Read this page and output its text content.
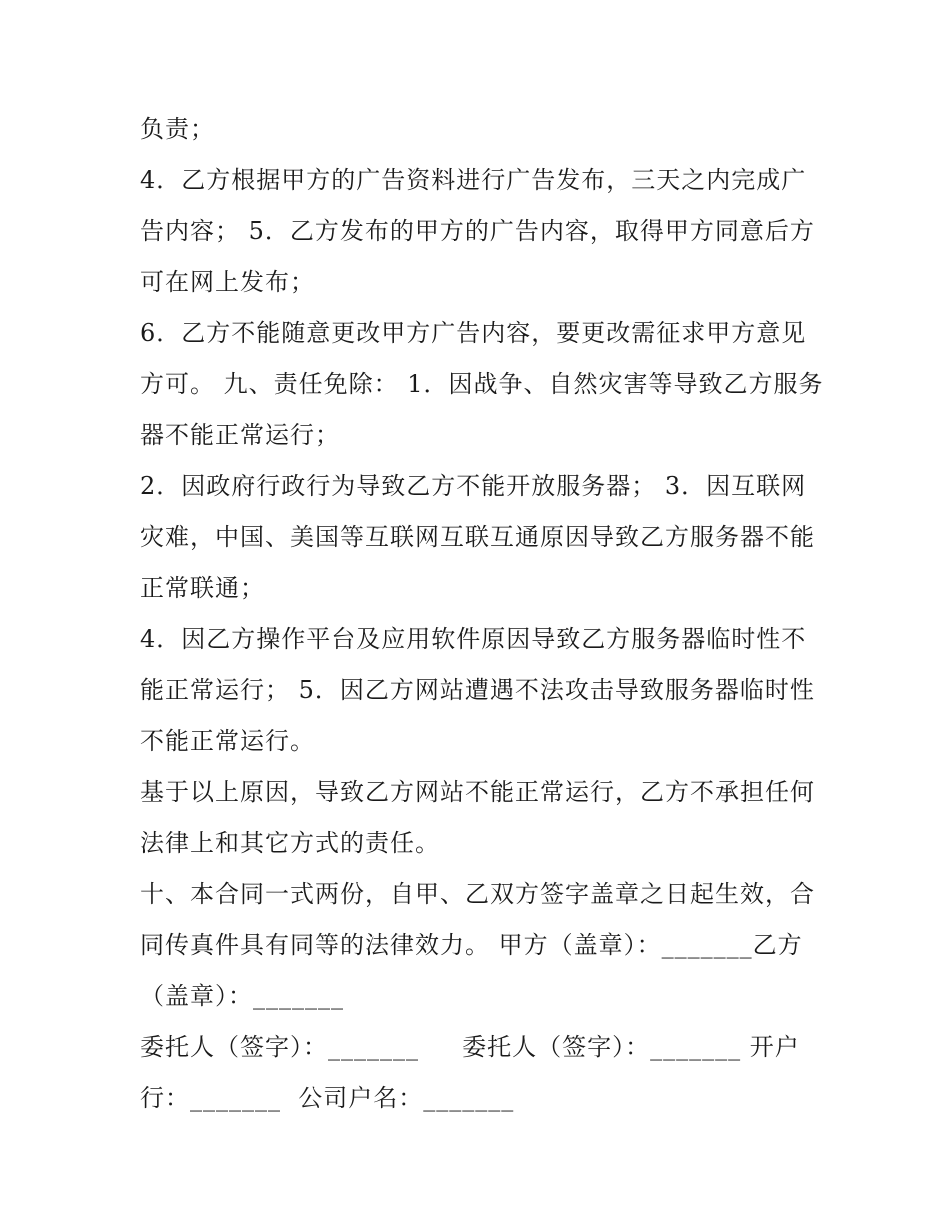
负责；
4．乙方根据甲方的广告资料进行广告发布，三天之内完成广
告内容； 5．乙方发布的甲方的广告内容，取得甲方同意后方
可在网上发布；
6．乙方不能随意更改甲方广告内容，要更改需征求甲方意见
方可。 九、责任免除： 1．因战争、自然灾害等导致乙方服务
器不能正常运行；
2．因政府行政行为导致乙方不能开放服务器； 3．因互联网
灾难，中国、美国等互联网互联互通原因导致乙方服务器不能
正常联通；
4．因乙方操作平台及应用软件原因导致乙方服务器临时性不
能正常运行； 5．因乙方网站遭遇不法攻击导致服务器临时性
不能正常运行。
基于以上原因，导致乙方网站不能正常运行，乙方不承担任何
法律上和其它方式的责任。
十、本合同一式两份，自甲、乙双方签字盖章之日起生效，合
同传真件具有同等的法律效力。 甲方（盖章）：_______乙方
（盖章）：_______
委托人（签字）：_______     委托人（签字）：_______ 开户
行：_______  公司户名：_______
